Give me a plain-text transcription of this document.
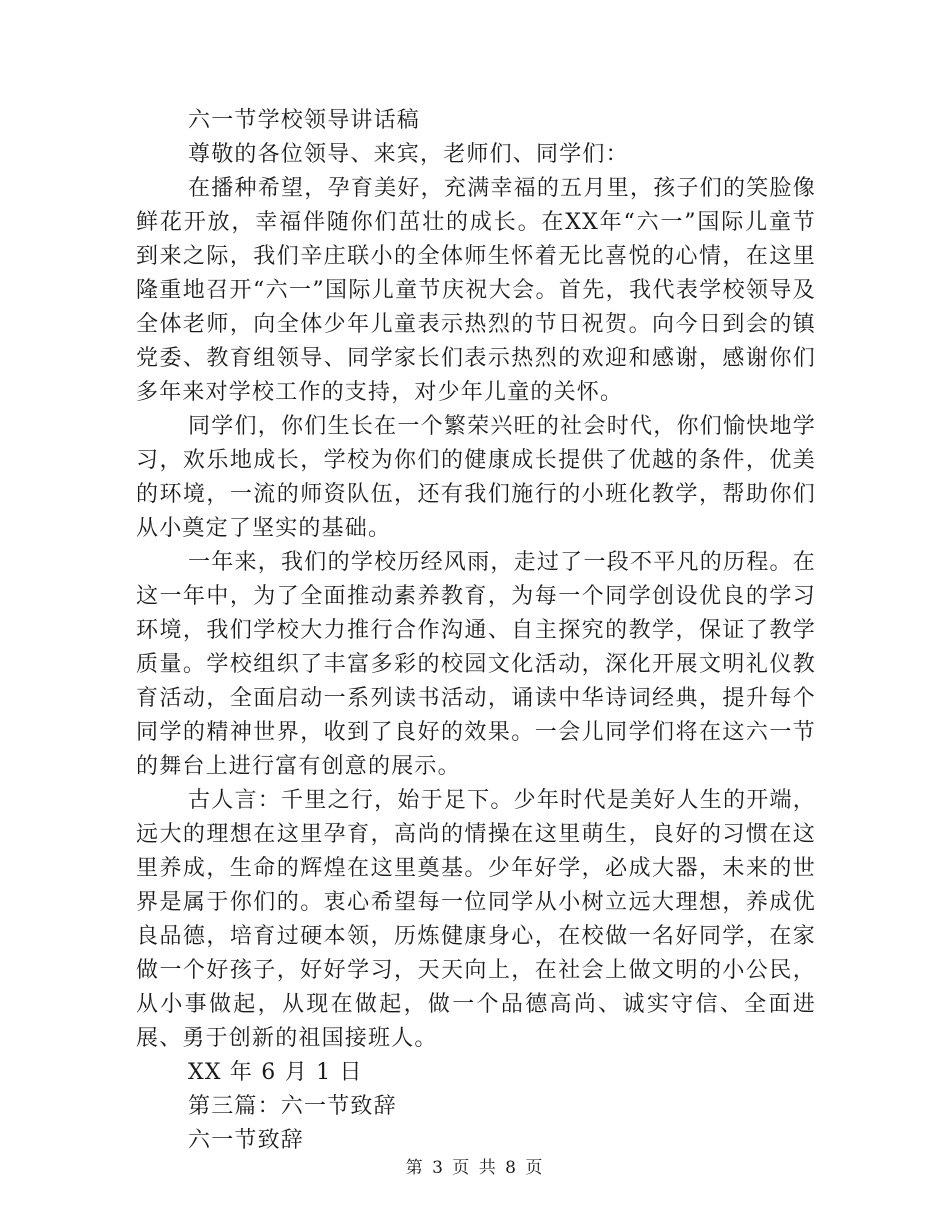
六一节学校领导讲话稿

尊敬的各位领导、来宾，老师们、同学们：

在播种希望，孕育美好，充满幸福的五月里，孩子们的笑脸像鲜花开放，幸福伴随你们茁壮的成长。在XX年“六一”国际儿童节到来之际，我们辛庄联小的全体师生怀着无比喜悦的心情，在这里隆重地召开“六一”国际儿童节庆祝大会。首先，我代表学校领导及全体老师，向全体少年儿童表示热烈的节日祝贺。向今日到会的镇党委、教育组领导、同学家长们表示热烈的欢迎和感谢，感谢你们多年来对学校工作的支持，对少年儿童的关怀。

同学们，你们生长在一个繁荣兴旺的社会时代，你们愉快地学习，欢乐地成长，学校为你们的健康成长提供了优越的条件，优美的环境，一流的师资队伍，还有我们施行的小班化教学，帮助你们从小奠定了坚实的基础。

一年来，我们的学校历经风雨，走过了一段不平凡的历程。在这一年中，为了全面推动素养教育，为每一个同学创设优良的学习环境，我们学校大力推行合作沟通、自主探究的教学，保证了教学质量。学校组织了丰富多彩的校园文化活动，深化开展文明礼仪教育活动，全面启动一系列读书活动，诵读中华诗词经典，提升每个同学的精神世界，收到了良好的效果。一会儿同学们将在这六一节的舞台上进行富有创意的展示。

古人言：千里之行，始于足下。少年时代是美好人生的开端，远大的理想在这里孕育，高尚的情操在这里萌生，良好的习惯在这里养成，生命的辉煌在这里奠基。少年好学，必成大器，未来的世界是属于你们的。衷心希望每一位同学从小树立远大理想，养成优良品德，培育过硬本领，历炼健康身心，在校做一名好同学，在家做一个好孩子，好好学习，天天向上，在社会上做文明的小公民，从小事做起，从现在做起，做一个品德高尚、诚实守信、全面进展、勇于创新的祖国接班人。

XX 年 6 月 1 日

第三篇：六一节致辞

六一节致辞

第 3 页 共 8 页
